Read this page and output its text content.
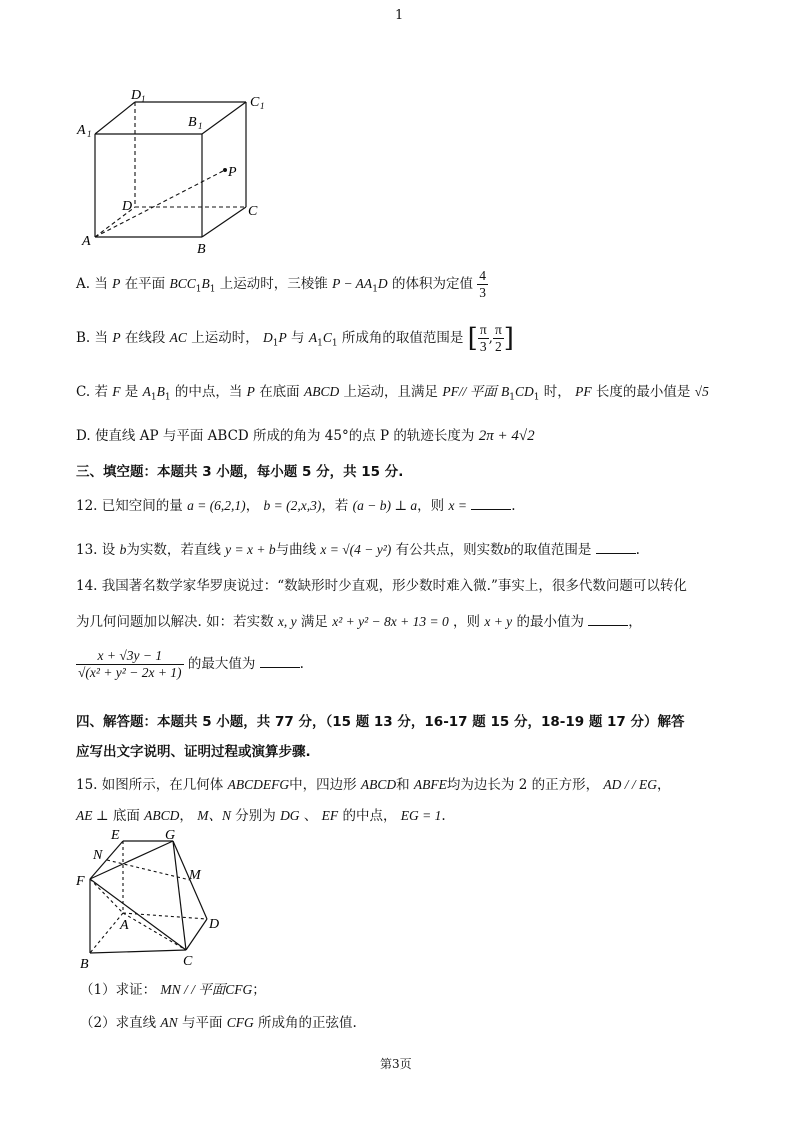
1
D 1	C 1
A 1
B 1
P
D	C
A
B
A. 当 P 在平面 $BCC_1B_1$ 上运动时，三棱锥 $P - AA_1D$ 的体积为定值 $\frac{4}{3}$
B. 当 P 在线段 AC 上运动时， $D_1P$ 与 $A_1C_1$ 所成角的取值范围是 [ $\frac{\pi}{3}$ , $\frac{\pi}{2}$ ]
C. 若 F 是 $A_1B_1$ 的中点，当 P 在底面 ABCD 上运动，且满足 PF// 平面 $B_1CD_1$ 时， PF 长度的最小值是 √5
D. 使直线 AP 与平面 ABCD 所成的角为 45°的点 P 的轨迹长度为 2π + 4√2
三、填空题：本题共 3 小题，每小题 5 分，共 15 分.
12. 已知空间的量 a = (6,2,1)， b = (2,x,3)，若 (a − b) ⊥ a，则 x =	.
13. 设 b为实数，若直线 y = x + b与曲线 x = √(4 − y²) 有公共点，则实数b的取值范围是	.
14. 我国著名数学家华罗庚说过：“数缺形时少直观，形少数时难入微.”事实上，很多代数问题可以转化
为几何问题加以解决. 如：若实数 x, y 满足 x² + y² − 8x + 13 = 0 ，则 x + y 的最小值为	，
$\frac{x + √3y - 1}{\text{√(x² + y² − 2x + 1)}}$ 的最大值为	.
四、解答题：本题共 5 小题，共 77 分，（15 题 13 分，16-17 题 15 分，18-19 题 17 分）解答
应写出文字说明、证明过程或演算步骤.
15. 如图所示，在几何体 ABCDEFG中，四边形 ABCD和 ABFE均为边长为 2 的正方形， AD / / EG，
AE ⊥ 底面 ABCD， M、N 分别为 DG 、 EF 的中点， EG = 1.
E	G
N
M
F
A	D
B	C
（1）求证： MN / / 平面CFG；
（2）求直线 AN 与平面 CFG 所成角的正弦值.
第3页
